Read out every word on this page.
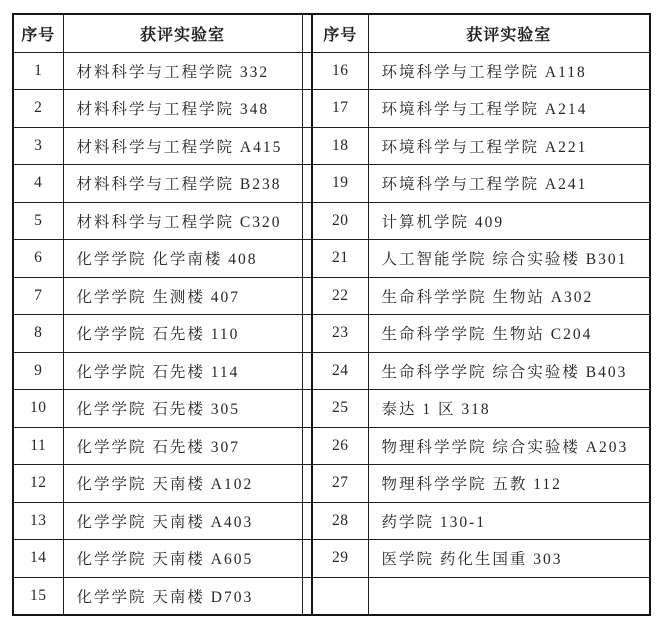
序号	获评实验室		序号	获评实验室
1	材料科学与工程学院 332		16	环境科学与工程学院 A118
2	材料科学与工程学院 348		17	环境科学与工程学院 A214
3	材料科学与工程学院 A415		18	环境科学与工程学院 A221
4	材料科学与工程学院 B238		19	环境科学与工程学院 A241
5	材料科学与工程学院 C320		20	计算机学院 409
6	化学学院 化学南楼 408		21	人工智能学院 综合实验楼 B301
7	化学学院 生测楼 407		22	生命科学学院 生物站 A302
8	化学学院 石先楼 110		23	生命科学学院 生物站 C204
9	化学学院 石先楼 114		24	生命科学学院 综合实验楼 B403
10	化学学院 石先楼 305		25	泰达 1 区 318
11	化学学院 石先楼 307		26	物理科学学院 综合实验楼 A203
12	化学学院 天南楼 A102		27	物理科学学院 五教 112
13	化学学院 天南楼 A403		28	药学院 130-1
14	化学学院 天南楼 A605		29	医学院 药化生国重 303
15	化学学院 天南楼 D703			
